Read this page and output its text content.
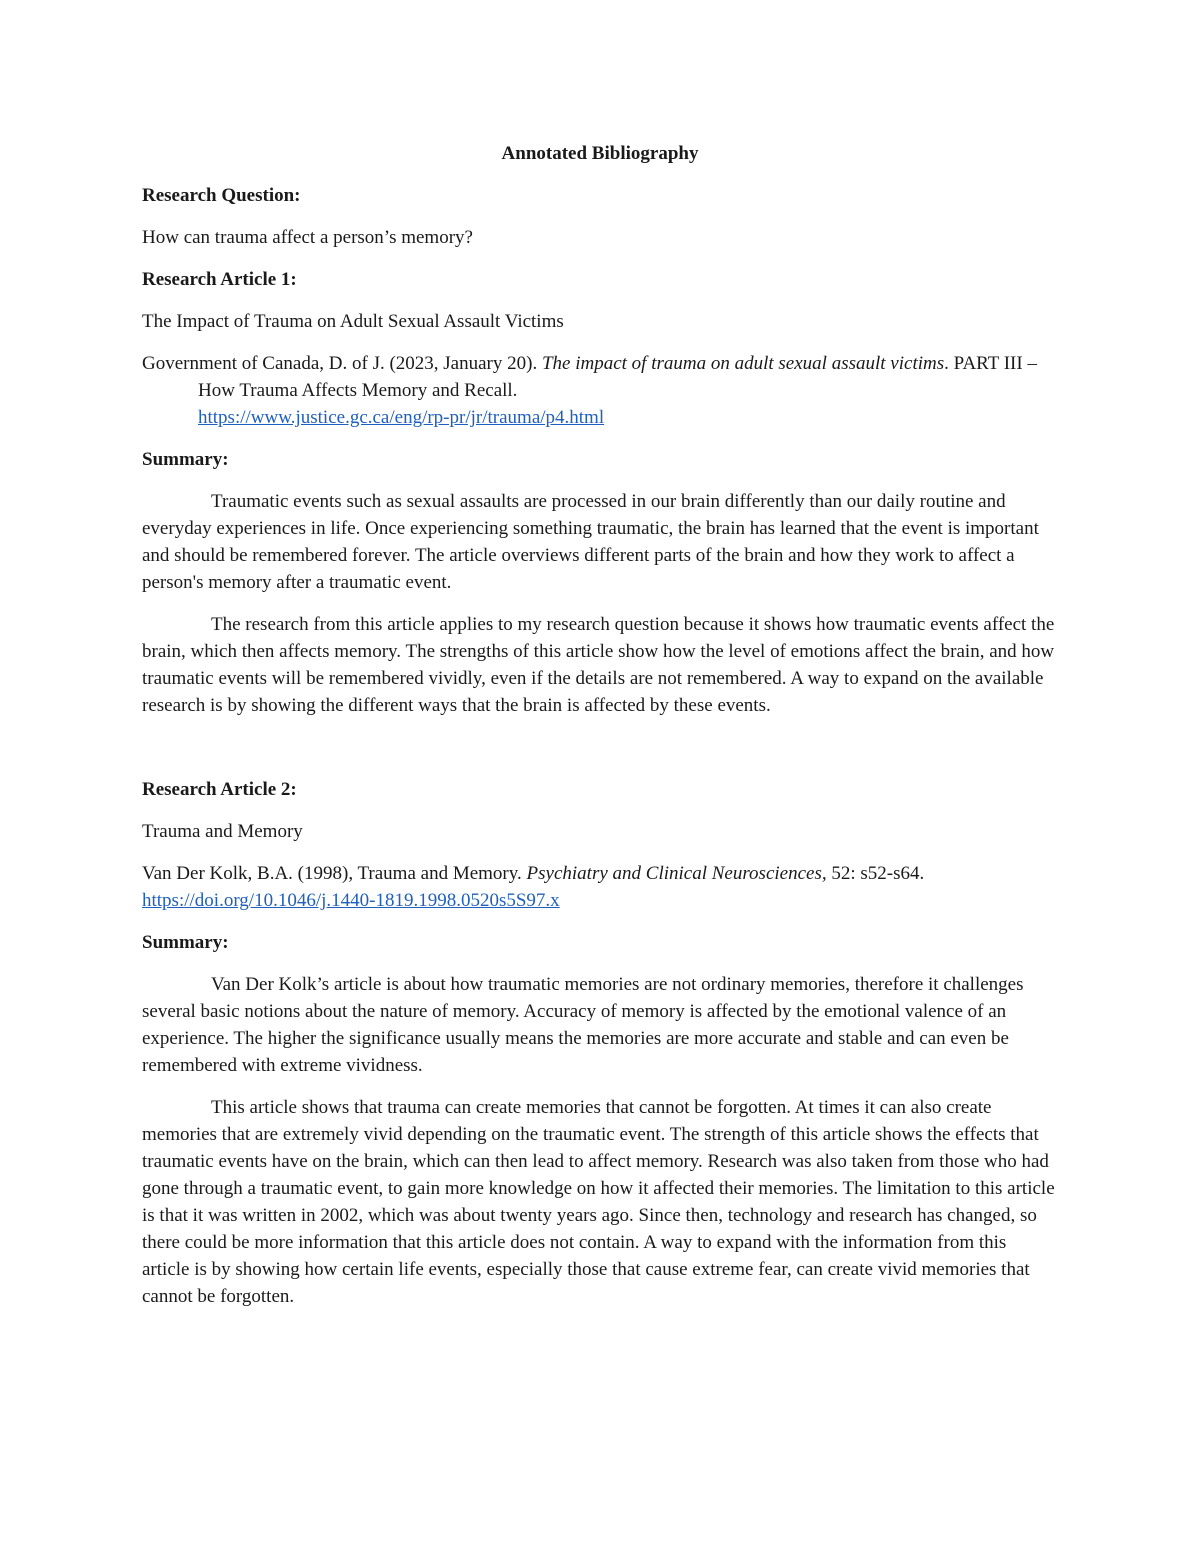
Annotated Bibliography

Research Question:

How can trauma affect a person’s memory?

Research Article 1:

The Impact of Trauma on Adult Sexual Assault Victims

Government of Canada, D. of J. (2023, January 20). The impact of trauma on adult sexual assault victims. PART III – How Trauma Affects Memory and Recall.
https://www.justice.gc.ca/eng/rp-pr/jr/trauma/p4.html

Summary:

Traumatic events such as sexual assaults are processed in our brain differently than our daily routine and everyday experiences in life. Once experiencing something traumatic, the brain has learned that the event is important and should be remembered forever. The article overviews different parts of the brain and how they work to affect a person's memory after a traumatic event.

The research from this article applies to my research question because it shows how traumatic events affect the brain, which then affects memory. The strengths of this article show how the level of emotions affect the brain, and how traumatic events will be remembered vividly, even if the details are not remembered. A way to expand on the available research is by showing the different ways that the brain is affected by these events.

Research Article 2:

Trauma and Memory

Van Der Kolk, B.A. (1998), Trauma and Memory. Psychiatry and Clinical Neurosciences, 52: s52-s64.
https://doi.org/10.1046/j.1440-1819.1998.0520s5S97.x

Summary:

Van Der Kolk’s article is about how traumatic memories are not ordinary memories, therefore it challenges several basic notions about the nature of memory. Accuracy of memory is affected by the emotional valence of an experience. The higher the significance usually means the memories are more accurate and stable and can even be remembered with extreme vividness.

This article shows that trauma can create memories that cannot be forgotten. At times it can also create memories that are extremely vivid depending on the traumatic event. The strength of this article shows the effects that traumatic events have on the brain, which can then lead to affect memory. Research was also taken from those who had gone through a traumatic event, to gain more knowledge on how it affected their memories. The limitation to this article is that it was written in 2002, which was about twenty years ago. Since then, technology and research has changed, so there could be more information that this article does not contain. A way to expand with the information from this article is by showing how certain life events, especially those that cause extreme fear, can create vivid memories that cannot be forgotten.
